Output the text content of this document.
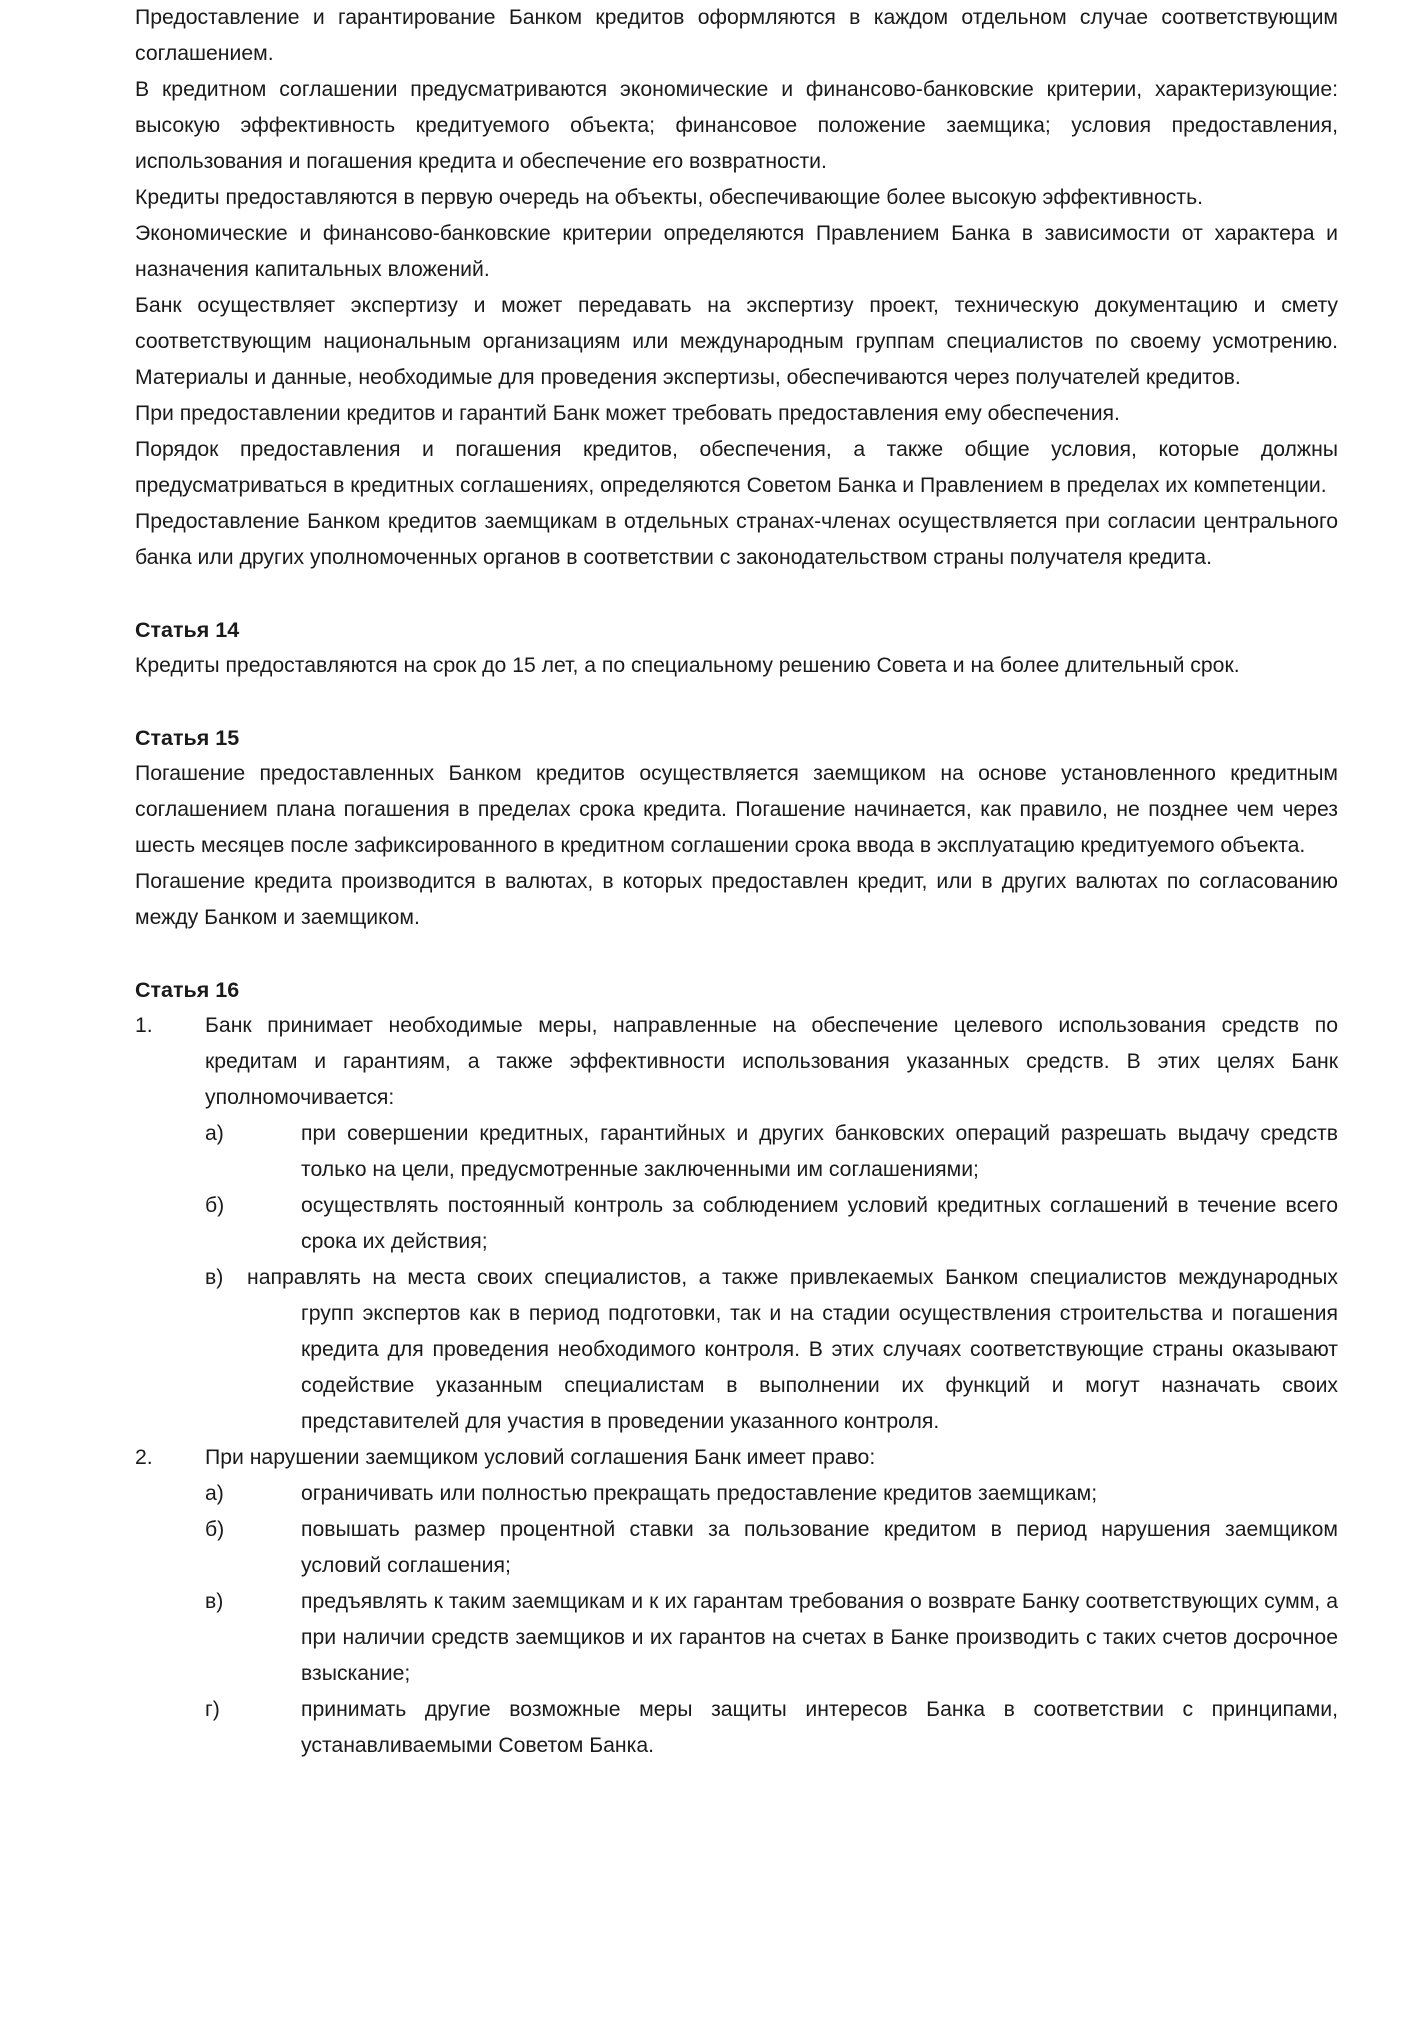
Предоставление и гарантирование Банком кредитов оформляются в каждом отдельном случае соответствующим соглашением.

В кредитном соглашении предусматриваются экономические и финансово-банковские критерии, характеризующие: высокую эффективность кредитуемого объекта; финансовое положение заемщика; условия предоставления, использования и погашения кредита и обеспечение его возвратности.

Кредиты предоставляются в первую очередь на объекты, обеспечивающие более высокую эффективность.

Экономические и финансово-банковские критерии определяются Правлением Банка в зависимости от характера и назначения капитальных вложений.

Банк осуществляет экспертизу и может передавать на экспертизу проект, техническую документацию и смету соответствующим национальным организациям или международным группам специалистов по своему усмотрению. Материалы и данные, необходимые для проведения экспертизы, обеспечиваются через получателей кредитов.

При предоставлении кредитов и гарантий Банк может требовать предоставления ему обеспечения.

Порядок предоставления и погашения кредитов, обеспечения, а также общие условия, которые должны предусматриваться в кредитных соглашениях, определяются Советом Банка и Правлением в пределах их компетенции.

Предоставление Банком кредитов заемщикам в отдельных странах-членах осуществляется при согласии центрального банка или других уполномоченных органов в соответствии с законодательством страны получателя кредита.

Статья 14

Кредиты предоставляются на срок до 15 лет, а по специальному решению Совета и на более длительный срок.

Статья 15

Погашение предоставленных Банком кредитов осуществляется заемщиком на основе установленного кредитным соглашением плана погашения в пределах срока кредита. Погашение начинается, как правило, не позднее чем через шесть месяцев после зафиксированного в кредитном соглашении срока ввода в эксплуатацию кредитуемого объекта.

Погашение кредита производится в валютах, в которых предоставлен кредит, или в других валютах по согласованию между Банком и заемщиком.

Статья 16

1. Банк принимает необходимые меры, направленные на обеспечение целевого использования средств по кредитам и гарантиям, а также эффективности использования указанных средств. В этих целях Банк уполномочивается:
а)	при совершении кредитных, гарантийных и других банковских операций разрешать выдачу средств только на цели, предусмотренные заключенными им соглашениями;
б)	осуществлять постоянный контроль за соблюдением условий кредитных соглашений в течение всего срока их действия;
в) направлять на места своих специалистов, а также привлекаемых Банком специалистов международных групп экспертов как в период подготовки, так и на стадии осуществления строительства и погашения кредита для проведения необходимого контроля. В этих случаях соответствующие страны оказывают содействие указанным специалистам в выполнении их функций и могут назначать своих представителей для участия в проведении указанного контроля.
2. При нарушении заемщиком условий соглашения Банк имеет право:
а)	ограничивать или полностью прекращать предоставление кредитов заемщикам;
б)	повышать размер процентной ставки за пользование кредитом в период нарушения заемщиком условий соглашения;
в)	предъявлять к таким заемщикам и к их гарантам требования о возврате Банку соответствующих сумм, а при наличии средств заемщиков и их гарантов на счетах в Банке производить с таких счетов досрочное взыскание;
г)	принимать другие возможные меры защиты интересов Банка в соответствии с принципами, устанавливаемыми Советом Банка.
